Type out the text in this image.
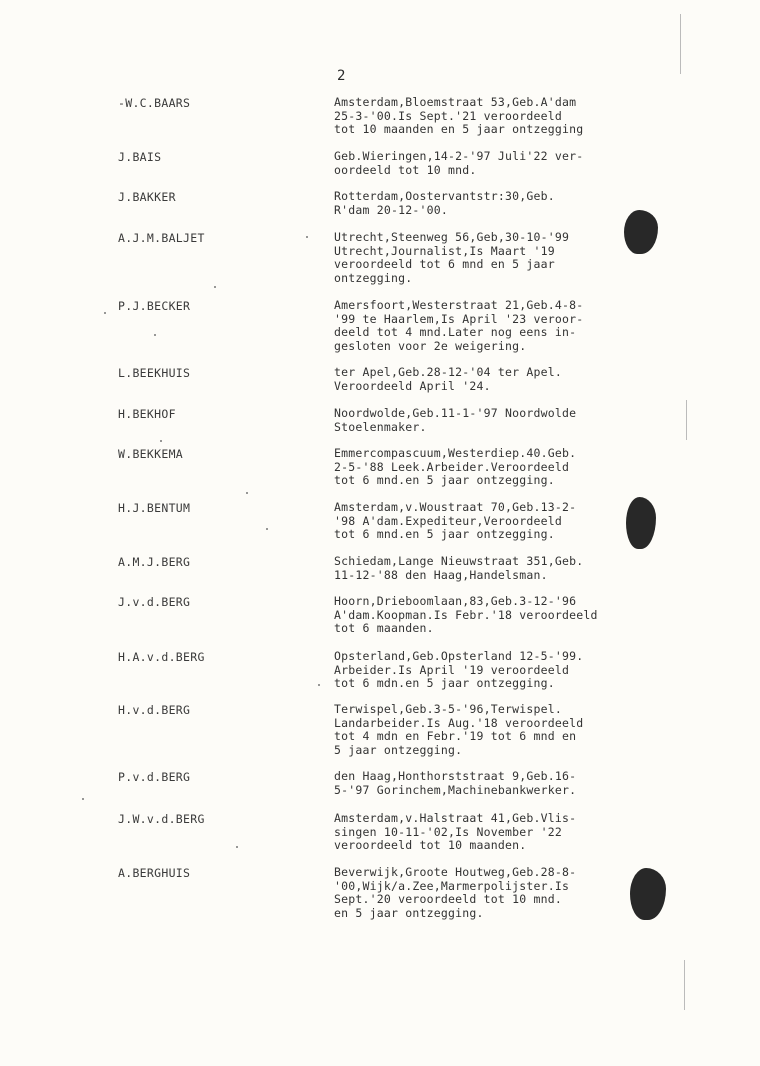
2
-W.C.BAARS	Amsterdam,Bloemstraat 53,Geb.A'dam
25-3-'00.Is Sept.'21 veroordeeld
tot 10 maanden en 5 jaar ontzegging
J.BAIS	Geb.Wieringen,14-2-'97 Juli'22 ver-
oordeeld tot 10 mnd.
J.BAKKER	Rotterdam,Oostervantstr:30,Geb.
R'dam 20-12-'00.
A.J.M.BALJET	Utrecht,Steenweg 56,Geb,30-10-'99
Utrecht,Journalist,Is Maart '19
veroordeeld tot 6 mnd en 5 jaar
ontzegging.
P.J.BECKER	Amersfoort,Westerstraat 21,Geb.4-8-
'99 te Haarlem,Is April '23 veroor-
deeld tot 4 mnd.Later nog eens in-
gesloten voor 2e weigering.
L.BEEKHUIS	ter Apel,Geb.28-12-'04 ter Apel.
Veroordeeld April '24.
H.BEKHOF	Noordwolde,Geb.11-1-'97 Noordwolde
Stoelenmaker.
W.BEKKEMA	Emmercompascuum,Westerdiep.40.Geb.
2-5-'88 Leek.Arbeider.Veroordeeld
tot 6 mnd.en 5 jaar ontzegging.
H.J.BENTUM	Amsterdam,v.Woustraat 70,Geb.13-2-
'98 A'dam.Expediteur,Veroordeeld
tot 6 mnd.en 5 jaar ontzegging.
A.M.J.BERG	Schiedam,Lange Nieuwstraat 351,Geb.
11-12-'88 den Haag,Handelsman.
J.v.d.BERG	Hoorn,Drieboomlaan,83,Geb.3-12-'96
A'dam.Koopman.Is Febr.'18 veroordeeld
tot 6 maanden.
H.A.v.d.BERG	Opsterland,Geb.Opsterland 12-5-'99.
Arbeider.Is April '19 veroordeeld
tot 6 mdn.en 5 jaar ontzegging.
H.v.d.BERG	Terwispel,Geb.3-5-'96,Terwispel.
Landarbeider.Is Aug.'18 veroordeeld
tot 4 mdn en Febr.'19 tot 6 mnd en
5 jaar ontzegging.
P.v.d.BERG	den Haag,Honthorststraat 9,Geb.16-
5-'97 Gorinchem,Machinebankwerker.
J.W.v.d.BERG	Amsterdam,v.Halstraat 41,Geb.Vlis-
singen 10-11-'02,Is November '22
veroordeeld tot 10 maanden.
A.BERGHUIS	Beverwijk,Groote Houtweg,Geb.28-8-
'00,Wijk/a.Zee,Marmerpolijster.Is
Sept.'20 veroordeeld tot 10 mnd.
en 5 jaar ontzegging.
